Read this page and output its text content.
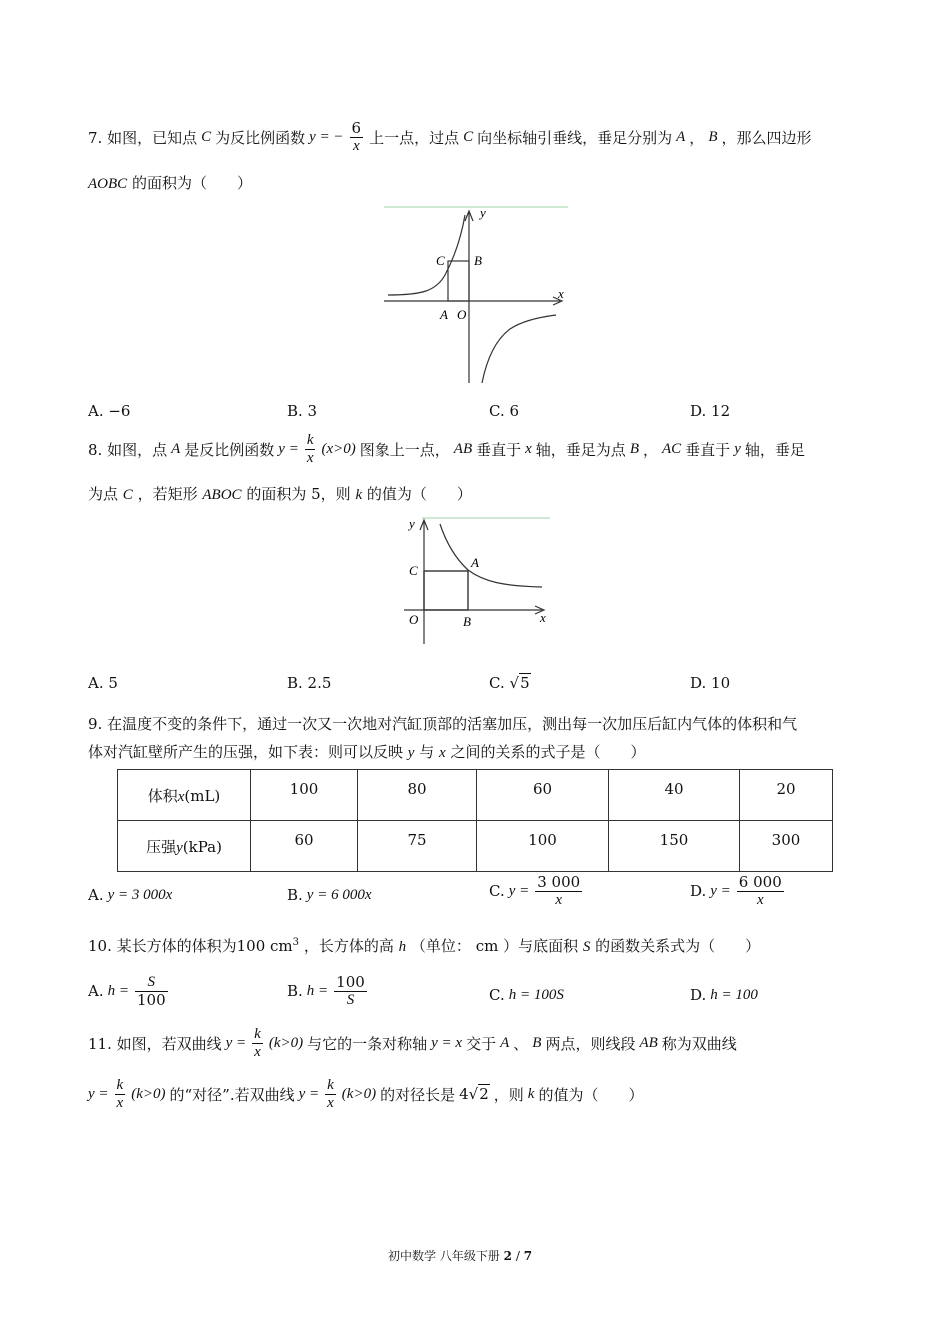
7. 如图，已知点 C 为反比例函数 y = − $\frac{6}{x}$ 上一点，过点 C 向坐标轴引垂线，垂足分别为 A ， B ，那么四边形
AOBC 的面积为（　　）
y
x
C B
A O
A. −6	B. 3	C. 6	D. 12
8. 如图，点 A 是反比例函数 $y = \frac{k}{x} (x>0)$ 图象上一点， AB 垂直于 x 轴，垂足为点 B ， AC 垂直于 y 轴，垂足
为点 C ，若矩形 ABOC 的面积为 5，则 k 的值为（　　）
y
x
C
A
O	B
A. 5	B. 2.5	C. √5	D. 10
9. 在温度不变的条件下，通过一次又一次地对汽缸顶部的活塞加压，测出每一次加压后缸内气体的体积和气
体对汽缸壁所产生的压强，如下表：则可以反映 y 与 x 之间的关系的式子是（　　）
体积x(mL)	100	80	60	40	20
压强y(kPa)	60	75	100	150	300
A. y = 3 000x	B. y = 6 000x	C. $y = \frac{3 000}{x}$	D. $y = \frac{6 000}{x}$
10. 某长方体的体积为100 $cm^3$ ，长方体的高 h （单位： cm ）与底面积 S 的函数关系式为（　　）
A. $h = \frac{S}{100}$	B. $h = \frac{100}{S}$	C. h = 100S	D. h = 100
11. 如图，若双曲线 $y = \frac{k}{x} (k>0)$ 与它的一条对称轴 y = x 交于 A 、 B 两点，则线段 AB 称为双曲线
$y = \frac{k}{x} (k>0)$ 的“对径”.若双曲线 $y = \frac{k}{x} (k>0)$ 的对径长是 4√2 ，则 k 的值为（　　）
初中数学 八年级下册 2 / 7
